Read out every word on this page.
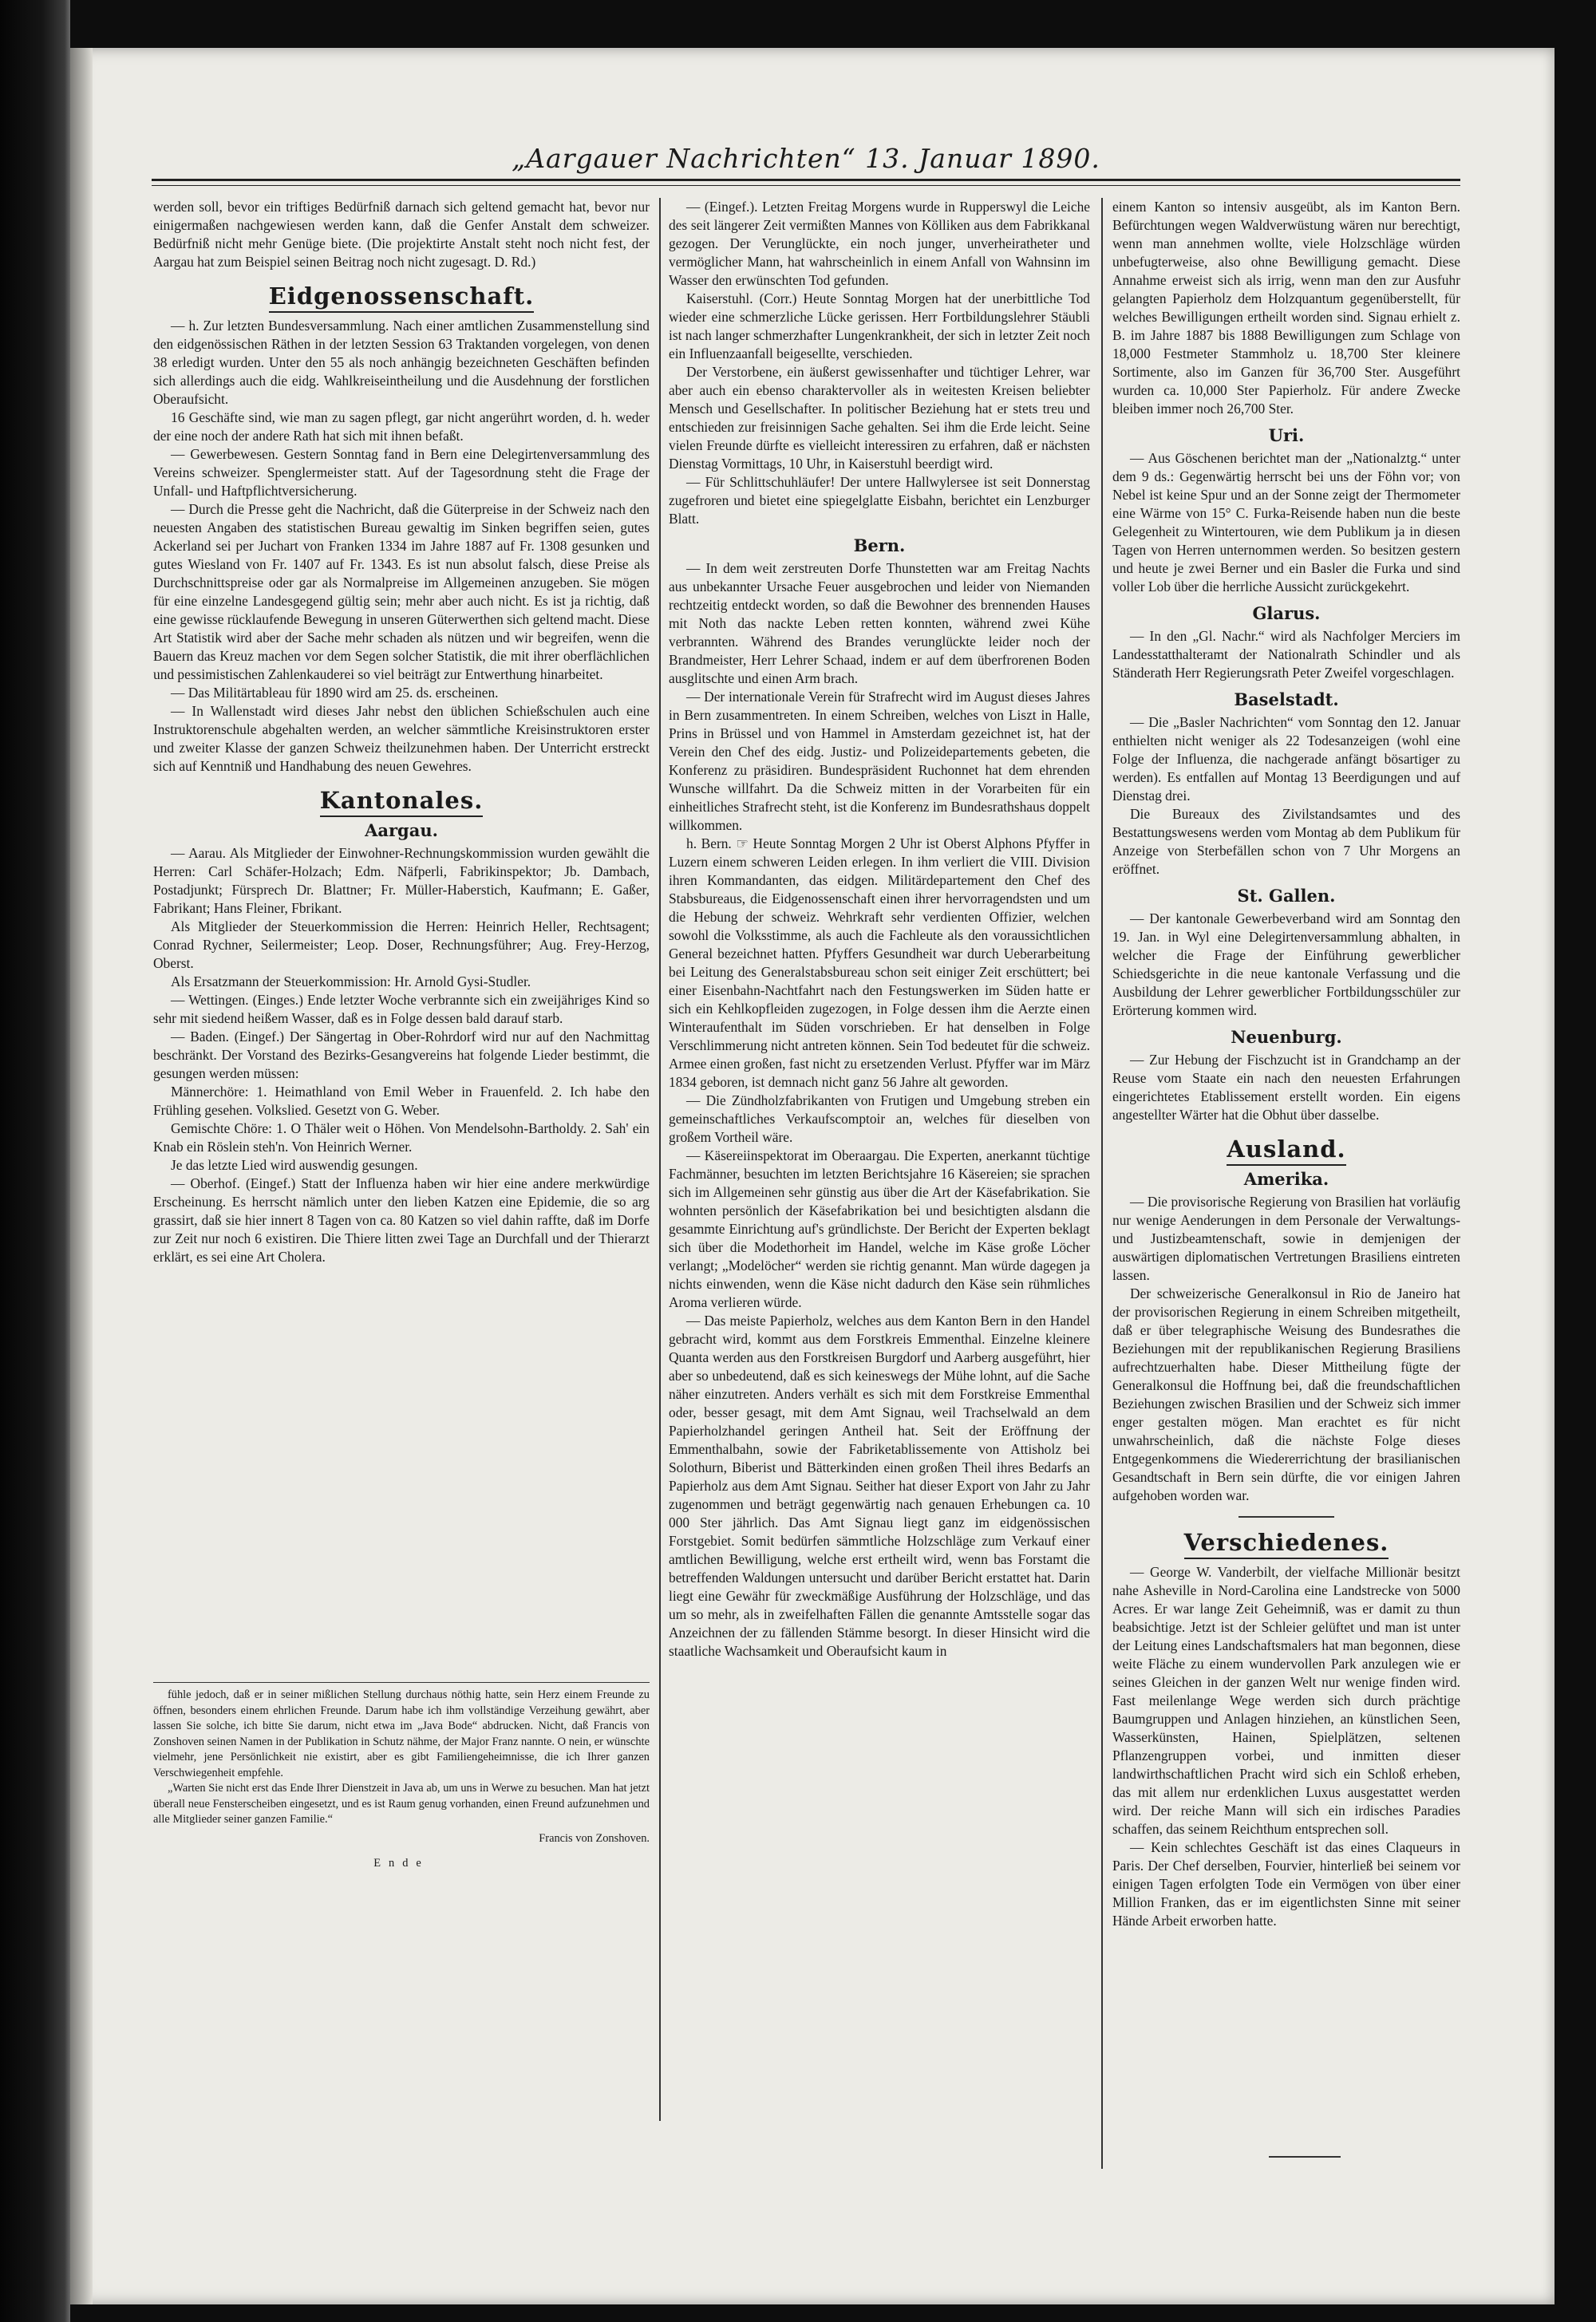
„Aargauer Nachrichten“ 13. Januar 1890.

werden soll, bevor ein triftiges Bedürfniß darnach sich geltend gemacht hat, bevor nur einigermaßen nachgewiesen werden kann, daß die Genfer Anstalt dem schweizer. Bedürfniß nicht mehr Genüge biete. (Die projektirte Anstalt steht noch nicht fest, der Aargau hat zum Beispiel seinen Beitrag noch nicht zugesagt. D. Rd.)

Eidgenossenschaft.

— h. Zur letzten Bundesversammlung. Nach einer amtlichen Zusammenstellung sind den eidgenössischen Räthen in der letzten Session 63 Traktanden vorgelegen, von denen 38 erledigt wurden. Unter den 55 als noch anhängig bezeichneten Geschäften befinden sich allerdings auch die eidg. Wahlkreiseintheilung und die Ausdehnung der forstlichen Oberaufsicht.

16 Geschäfte sind, wie man zu sagen pflegt, gar nicht angerührt worden, d. h. weder der eine noch der andere Rath hat sich mit ihnen befaßt.

— Gewerbewesen. Gestern Sonntag fand in Bern eine Delegirtenversammlung des Vereins schweizer. Spenglermeister statt. Auf der Tagesordnung steht die Frage der Unfall- und Haftpflichtversicherung.

— Durch die Presse geht die Nachricht, daß die Güterpreise in der Schweiz nach den neuesten Angaben des statistischen Bureau gewaltig im Sinken begriffen seien, gutes Ackerland sei per Juchart von Franken 1334 im Jahre 1887 auf Fr. 1308 gesunken und gutes Wiesland von Fr. 1407 auf Fr. 1343. Es ist nun absolut falsch, diese Preise als Durchschnittspreise oder gar als Normalpreise im Allgemeinen anzugeben. Sie mögen für eine einzelne Landesgegend gültig sein; mehr aber auch nicht. Es ist ja richtig, daß eine gewisse rücklaufende Bewegung in unseren Güterwerthen sich geltend macht. Diese Art Statistik wird aber der Sache mehr schaden als nützen und wir begreifen, wenn die Bauern das Kreuz machen vor dem Segen solcher Statistik, die mit ihrer oberflächlichen und pessimistischen Zahlenkauderei so viel beiträgt zur Entwerthung hinarbeitet.

— Das Militärtableau für 1890 wird am 25. ds. erscheinen.

— In Wallenstadt wird dieses Jahr nebst den üblichen Schießschulen auch eine Instruktorenschule abgehalten werden, an welcher sämmtliche Kreisinstruktoren erster und zweiter Klasse der ganzen Schweiz theilzunehmen haben. Der Unterricht erstreckt sich auf Kenntniß und Handhabung des neuen Gewehres.

Kantonales.
Aargau.

— Aarau. Als Mitglieder der Einwohner-Rechnungskommission wurden gewählt die Herren: Carl Schäfer-Holzach; Edm. Näfperli, Fabrikinspektor; Jb. Dambach, Postadjunkt; Fürsprech Dr. Blattner; Fr. Müller-Haberstich, Kaufmann; E. Gaßer, Fabrikant; Hans Fleiner, Fbrikant.

Als Mitglieder der Steuerkommission die Herren: Heinrich Heller, Rechtsagent; Conrad Rychner, Seilermeister; Leop. Doser, Rechnungsführer; Aug. Frey-Herzog, Oberst.

Als Ersatzmann der Steuerkommission: Hr. Arnold Gysi-Studler.

— Wettingen. (Einges.) Ende letzter Woche verbrannte sich ein zweijähriges Kind so sehr mit siedend heißem Wasser, daß es in Folge dessen bald darauf starb.

— Baden. (Eingef.) Der Sängertag in Ober-Rohrdorf wird nur auf den Nachmittag beschränkt. Der Vorstand des Bezirks-Gesangvereins hat folgende Lieder bestimmt, die gesungen werden müssen:

Männerchöre: 1. Heimathland von Emil Weber in Frauenfeld. 2. Ich habe den Frühling gesehen. Volkslied. Gesetzt von G. Weber.

Gemischte Chöre: 1. O Thäler weit o Höhen. Von Mendelsohn-Bartholdy. 2. Sah' ein Knab ein Röslein steh'n. Von Heinrich Werner.

Je das letzte Lied wird auswendig gesungen.

— Oberhof. (Eingef.) Statt der Influenza haben wir hier eine andere merkwürdige Erscheinung. Es herrscht nämlich unter den lieben Katzen eine Epidemie, die so arg grassirt, daß sie hier innert 8 Tagen von ca. 80 Katzen so viel dahin raffte, daß im Dorfe zur Zeit nur noch 6 existiren. Die Thiere litten zwei Tage an Durchfall und der Thierarzt erklärt, es sei eine Art Cholera.

fühle jedoch, daß er in seiner mißlichen Stellung durchaus nöthig hatte, sein Herz einem Freunde zu öffnen, besonders einem ehrlichen Freunde. Darum habe ich ihm vollständige Verzeihung gewährt, aber lassen Sie solche, ich bitte Sie darum, nicht etwa im „Java Bode“ abdrucken. Nicht, daß Francis von Zonshoven seinen Namen in der Publikation in Schutz nähme, der Major Franz nannte. O nein, er wünschte vielmehr, jene Persönlichkeit nie existirt, aber es gibt Familiengeheimnisse, die ich Ihrer ganzen Verschwiegenheit empfehle.

„Warten Sie nicht erst das Ende Ihrer Dienstzeit in Java ab, um uns in Werwe zu besuchen. Man hat jetzt überall neue Fensterscheiben eingesetzt, und es ist Raum genug vorhanden, einen Freund aufzunehmen und alle Mitglieder seiner ganzen Familie.“

Francis von Zonshoven.
Ende

— (Eingef.). Letzten Freitag Morgens wurde in Rupperswyl die Leiche des seit längerer Zeit vermißten Mannes von Kölliken aus dem Fabrikkanal gezogen. Der Verunglückte, ein noch junger, unverheiratheter und vermöglicher Mann, hat wahrscheinlich in einem Anfall von Wahnsinn im Wasser den erwünschten Tod gefunden.

Kaiserstuhl. (Corr.) Heute Sonntag Morgen hat der unerbittliche Tod wieder eine schmerzliche Lücke gerissen. Herr Fortbildungslehrer Stäubli ist nach langer schmerzhafter Lungenkrankheit, der sich in letzter Zeit noch ein Influenzaanfall beigesellte, verschieden.

Der Verstorbene, ein äußerst gewissenhafter und tüchtiger Lehrer, war aber auch ein ebenso charaktervoller als in weitesten Kreisen beliebter Mensch und Gesellschafter. In politischer Beziehung hat er stets treu und entschieden zur freisinnigen Sache gehalten. Sei ihm die Erde leicht. Seine vielen Freunde dürfte es vielleicht interessiren zu erfahren, daß er nächsten Dienstag Vormittags, 10 Uhr, in Kaiserstuhl beerdigt wird.

— Für Schlittschuhläufer! Der untere Hallwylersee ist seit Donnerstag zugefroren und bietet eine spiegelglatte Eisbahn, berichtet ein Lenzburger Blatt.

Bern.

— In dem weit zerstreuten Dorfe Thunstetten war am Freitag Nachts aus unbekannter Ursache Feuer ausgebrochen und leider von Niemanden rechtzeitig entdeckt worden, so daß die Bewohner des brennenden Hauses mit Noth das nackte Leben retten konnten, während zwei Kühe verbrannten. Während des Brandes verunglückte leider noch der Brandmeister, Herr Lehrer Schaad, indem er auf dem überfrorenen Boden ausglitschte und einen Arm brach.

— Der internationale Verein für Strafrecht wird im August dieses Jahres in Bern zusammentreten. In einem Schreiben, welches von Liszt in Halle, Prins in Brüssel und von Hammel in Amsterdam gezeichnet ist, hat der Verein den Chef des eidg. Justiz- und Polizeidepartements gebeten, die Konferenz zu präsidiren. Bundespräsident Ruchonnet hat dem ehrenden Wunsche willfahrt. Da die Schweiz mitten in der Vorarbeiten für ein einheitliches Strafrecht steht, ist die Konferenz im Bundesrathshaus doppelt willkommen.

h. Bern. ☞ Heute Sonntag Morgen 2 Uhr ist Oberst Alphons Pfyffer in Luzern einem schweren Leiden erlegen. In ihm verliert die VIII. Division ihren Kommandanten, das eidgen. Militärdepartement den Chef des Stabsbureaus, die Eidgenossenschaft einen ihrer hervorragendsten und um die Hebung der schweiz. Wehrkraft sehr verdienten Offizier, welchen sowohl die Volksstimme, als auch die Fachleute als den voraussichtlichen General bezeichnet hatten. Pfyffers Gesundheit war durch Ueberarbeitung bei Leitung des Generalstabsbureau schon seit einiger Zeit erschüttert; bei einer Eisenbahn-Nachtfahrt nach den Festungswerken im Süden hatte er sich ein Kehlkopfleiden zugezogen, in Folge dessen ihm die Aerzte einen Winteraufenthalt im Süden vorschrieben. Er hat denselben in Folge Verschlimmerung nicht antreten können. Sein Tod bedeutet für die schweiz. Armee einen großen, fast nicht zu ersetzenden Verlust. Pfyffer war im März 1834 geboren, ist demnach nicht ganz 56 Jahre alt geworden.

— Die Zündholzfabrikanten von Frutigen und Umgebung streben ein gemeinschaftliches Verkaufscomptoir an, welches für dieselben von großem Vortheil wäre.

— Käsereiinspektorat im Oberaargau. Die Experten, anerkannt tüchtige Fachmänner, besuchten im letzten Berichtsjahre 16 Käsereien; sie sprachen sich im Allgemeinen sehr günstig aus über die Art der Käsefabrikation. Sie wohnten persönlich der Käsefabrikation bei und besichtigten alsdann die gesammte Einrichtung auf's gründlichste. Der Bericht der Experten beklagt sich über die Modethorheit im Handel, welche im Käse große Löcher verlangt; „Modelöcher“ werden sie richtig genannt. Man würde dagegen ja nichts einwenden, wenn die Käse nicht dadurch den Käse sein rühmliches Aroma verlieren würde.

— Das meiste Papierholz, welches aus dem Kanton Bern in den Handel gebracht wird, kommt aus dem Forstkreis Emmenthal. Einzelne kleinere Quanta werden aus den Forstkreisen Burgdorf und Aarberg ausgeführt, hier aber so unbedeutend, daß es sich keineswegs der Mühe lohnt, auf die Sache näher einzutreten. Anders verhält es sich mit dem Forstkreise Emmenthal oder, besser gesagt, mit dem Amt Signau, weil Trachselwald an dem Papierholzhandel geringen Antheil hat. Seit der Eröffnung der Emmenthalbahn, sowie der Fabriketablissemente von Attisholz bei Solothurn, Biberist und Bätterkinden einen großen Theil ihres Bedarfs an Papierholz aus dem Amt Signau. Seither hat dieser Export von Jahr zu Jahr zugenommen und beträgt gegenwärtig nach genauen Erhebungen ca. 10 000 Ster jährlich. Das Amt Signau liegt ganz im eidgenössischen Forstgebiet. Somit bedürfen sämmtliche Holzschläge zum Verkauf einer amtlichen Bewilligung, welche erst ertheilt wird, wenn bas Forstamt die betreffenden Waldungen untersucht und darüber Bericht erstattet hat. Darin liegt eine Gewähr für zweckmäßige Ausführung der Holzschläge, und das um so mehr, als in zweifelhaften Fällen die genannte Amtsstelle sogar das Anzeichnen der zu fällenden Stämme besorgt. In dieser Hinsicht wird die staatliche Wachsamkeit und Oberaufsicht kaum in

einem Kanton so intensiv ausgeübt, als im Kanton Bern. Befürchtungen wegen Waldverwüstung wären nur berechtigt, wenn man annehmen wollte, viele Holzschläge würden unbefugterweise, also ohne Bewilligung gemacht. Diese Annahme erweist sich als irrig, wenn man den zur Ausfuhr gelangten Papierholz dem Holzquantum gegenüberstellt, für welches Bewilligungen ertheilt worden sind. Signau erhielt z. B. im Jahre 1887 bis 1888 Bewilligungen zum Schlage von 18,000 Festmeter Stammholz u. 18,700 Ster kleinere Sortimente, also im Ganzen für 36,700 Ster. Ausgeführt wurden ca. 10,000 Ster Papierholz. Für andere Zwecke bleiben immer noch 26,700 Ster.

Uri.

— Aus Göschenen berichtet man der „Nationalztg.“ unter dem 9 ds.: Gegenwärtig herrscht bei uns der Föhn vor; von Nebel ist keine Spur und an der Sonne zeigt der Thermometer eine Wärme von 15° C. Furka-Reisende haben nun die beste Gelegenheit zu Wintertouren, wie dem Publikum ja in diesen Tagen von Herren unternommen werden. So besitzen gestern und heute je zwei Berner und ein Basler die Furka und sind voller Lob über die herrliche Aussicht zurückgekehrt.

Glarus.

— In den „Gl. Nachr.“ wird als Nachfolger Merciers im Landesstatthalteramt der Nationalrath Schindler und als Ständerath Herr Regierungsrath Peter Zweifel vorgeschlagen.

Baselstadt.

— Die „Basler Nachrichten“ vom Sonntag den 12. Januar enthielten nicht weniger als 22 Todesanzeigen (wohl eine Folge der Influenza, die nachgerade anfängt bösartiger zu werden). Es entfallen auf Montag 13 Beerdigungen und auf Dienstag drei.

Die Bureaux des Zivilstandsamtes und des Bestattungswesens werden vom Montag ab dem Publikum für Anzeige von Sterbefällen schon von 7 Uhr Morgens an eröffnet.

St. Gallen.

— Der kantonale Gewerbeverband wird am Sonntag den 19. Jan. in Wyl eine Delegirtenversammlung abhalten, in welcher die Frage der Einführung gewerblicher Schiedsgerichte in die neue kantonale Verfassung und die Ausbildung der Lehrer gewerblicher Fortbildungsschüler zur Erörterung kommen wird.

Neuenburg.

— Zur Hebung der Fischzucht ist in Grandchamp an der Reuse vom Staate ein nach den neuesten Erfahrungen eingerichtetes Etablissement erstellt worden. Ein eigens angestellter Wärter hat die Obhut über dasselbe.

Ausland.
Amerika.

— Die provisorische Regierung von Brasilien hat vorläufig nur wenige Aenderungen in dem Personale der Verwaltungs- und Justizbeamtenschaft, sowie in demjenigen der auswärtigen diplomatischen Vertretungen Brasiliens eintreten lassen.

Der schweizerische Generalkonsul in Rio de Janeiro hat der provisorischen Regierung in einem Schreiben mitgetheilt, daß er über telegraphische Weisung des Bundesrathes die Beziehungen mit der republikanischen Regierung Brasiliens aufrechtzuerhalten habe. Dieser Mittheilung fügte der Generalkonsul die Hoffnung bei, daß die freundschaftlichen Beziehungen zwischen Brasilien und der Schweiz sich immer enger gestalten mögen. Man erachtet es für nicht unwahrscheinlich, daß die nächste Folge dieses Entgegenkommens die Wiedererrichtung der brasilianischen Gesandtschaft in Bern sein dürfte, die vor einigen Jahren aufgehoben worden war.

Verschiedenes.

— George W. Vanderbilt, der vielfache Millionär besitzt nahe Asheville in Nord-Carolina eine Landstrecke von 5000 Acres. Er war lange Zeit Geheimniß, was er damit zu thun beabsichtige. Jetzt ist der Schleier gelüftet und man ist unter der Leitung eines Landschaftsmalers hat man begonnen, diese weite Fläche zu einem wundervollen Park anzulegen wie er seines Gleichen in der ganzen Welt nur wenige finden wird. Fast meilenlange Wege werden sich durch prächtige Baumgruppen und Anlagen hinziehen, an künstlichen Seen, Wasserkünsten, Hainen, Spielplätzen, seltenen Pflanzengruppen vorbei, und inmitten dieser landwirthschaftlichen Pracht wird sich ein Schloß erheben, das mit allem nur erdenklichen Luxus ausgestattet werden wird. Der reiche Mann will sich ein irdisches Paradies schaffen, das seinem Reichthum entsprechen soll.

— Kein schlechtes Geschäft ist das eines Claqueurs in Paris. Der Chef derselben, Fourvier, hinterließ bei seinem vor einigen Tagen erfolgten Tode ein Vermögen von über einer Million Franken, das er im eigentlichsten Sinne mit seiner Hände Arbeit erworben hatte.
